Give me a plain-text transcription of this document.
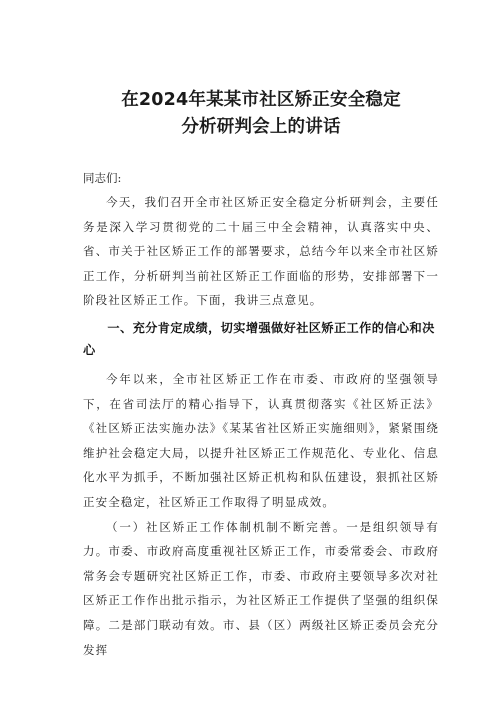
在2024年某某市社区矫正安全稳定
分析研判会上的讲话
同志们:

今天，我们召开全市社区矫正安全稳定分析研判会，主要任务是深入学习贯彻党的二十届三中全会精神，认真落实中央、省、市关于社区矫正工作的部署要求，总结今年以来全市社区矫正工作，分析研判当前社区矫正工作面临的形势，安排部署下一阶段社区矫正工作。下面，我讲三点意见。

一、充分肯定成绩，切实增强做好社区矫正工作的信心和决心

今年以来，全市社区矫正工作在市委、市政府的坚强领导下，在省司法厅的精心指导下，认真贯彻落实《社区矫正法》《社区矫正法实施办法》《某某省社区矫正实施细则》，紧紧围绕维护社会稳定大局，以提升社区矫正工作规范化、专业化、信息化水平为抓手，不断加强社区矫正机构和队伍建设，狠抓社区矫正安全稳定，社区矫正工作取得了明显成效。

（一）社区矫正工作体制机制不断完善。一是组织领导有力。市委、市政府高度重视社区矫正工作，市委常委会、市政府常务会专题研究社区矫正工作，市委、市政府主要领导多次对社区矫正工作作出批示指示，为社区矫正工作提供了坚强的组织保障。二是部门联动有效。市、县（区）两级社区矫正委员会充分发挥
